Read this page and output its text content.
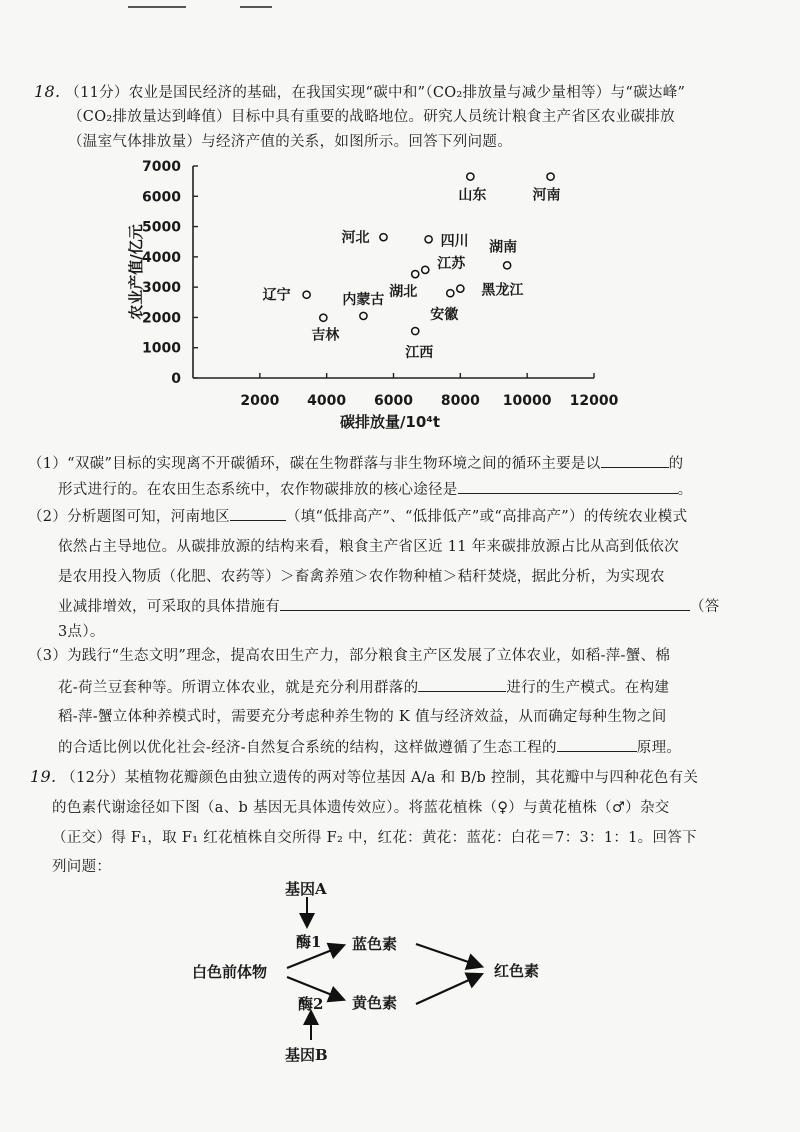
18. （11分）农业是国民经济的基础，在我国实现“碳中和”（CO₂排放量与减少量相等）与“碳达峰”
（CO₂排放量达到峰值）目标中具有重要的战略地位。研究人员统计粮食主产省区农业碳排放
（温室气体排放量）与经济产值的关系，如图所示。回答下列问题。
2000 4000 6000 8000 10000 12000
0
1000
2000
3000
4000
5000
6000
7000
山东	河南
河北	四川 湖南
江苏
湖北
安徽
黑龙江
辽宁
吉林
内蒙古
江西
碳排放量/10⁴t
农业产值/亿元
（1）“双碳”目标的实现离不开碳循环，碳在生物群落与非生物环境之间的循环主要是以	的
形式进行的。在农田生态系统中，农作物碳排放的核心途径是	。
（2）分析题图可知，河南地区	（填“低排高产”、“低排低产”或“高排高产”）的传统农业模式
依然占主导地位。从碳排放源的结构来看，粮食主产省区近 11 年来碳排放源占比从高到低依次
是农用投入物质（化肥、农药等）＞畜禽养殖＞农作物种植＞秸秆焚烧，据此分析，为实现农
业减排增效，可采取的具体措施有	（答
3点）。
（3）为践行“生态文明”理念，提高农田生产力，部分粮食主产区发展了立体农业，如稻-萍-蟹、棉
花-荷兰豆套种等。所谓立体农业，就是充分利用群落的	进行的生产模式。在构建
稻-萍-蟹立体种养模式时，需要充分考虑种养生物的 K 值与经济效益，从而确定每种生物之间
的合适比例以优化社会-经济-自然复合系统的结构，这样做遵循了生态工程的	原理。
19. （12分）某植物花瓣颜色由独立遗传的两对等位基因 A/a 和 B/b 控制，其花瓣中与四种花色有关
的色素代谢途径如下图（a、b 基因无具体遗传效应）。将蓝花植株（♀）与黄花植株（♂）杂交
（正交）得 F₁，取 F₁ 红花植株自交所得 F₂ 中，红花：黄花：蓝花：白花＝7：3：1：1。回答下
列问题：
基因A
酶1 蓝色素
白色前体物	红色素
黄色素
酶2
基因B
